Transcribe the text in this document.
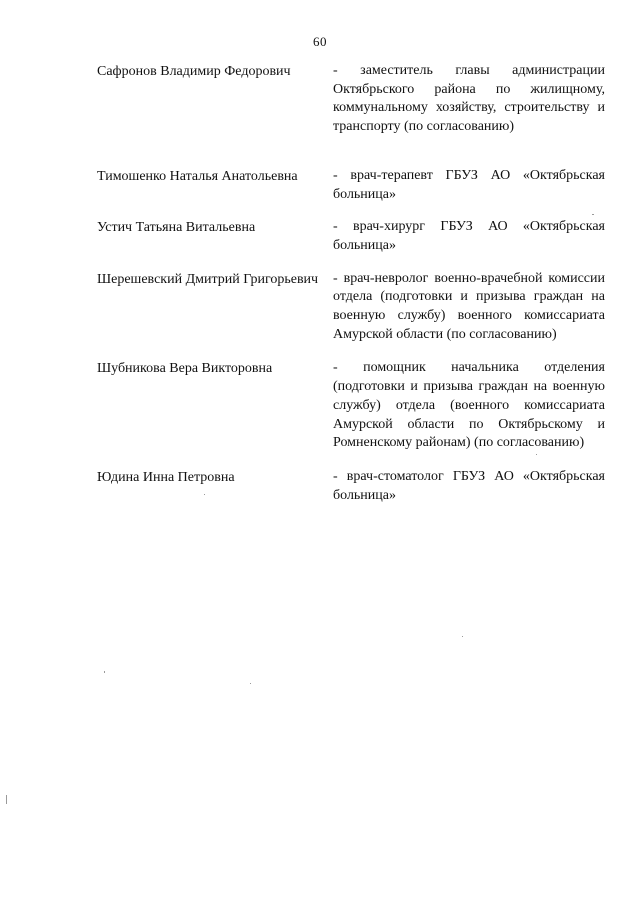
60
Сафронов Владимир Федорович	- заместитель главы администрации Октябрьского района по жилищному, коммунальному хозяйству, строительству и транспорту (по согласованию)
Тимошенко Наталья Анатольевна	- врач-терапевт ГБУЗ АО «Октябрьская больница»
Устич Татьяна Витальевна	- врач-хирург ГБУЗ АО «Октябрьская больница»
Шерешевский Дмитрий Григорьевич	- врач-невролог военно-врачебной комиссии отдела (подготовки и призыва граждан на военную службу) военного комиссариата Амурской области (по согласованию)
Шубникова Вера Викторовна	- помощник начальника отделения (подготовки и призыва граждан на военную службу) отдела (военного комиссариата Амурской области по Октябрьскому и Ромненскому районам) (по согласованию)
Юдина Инна Петровна	- врач-стоматолог ГБУЗ АО «Октябрьская больница»
